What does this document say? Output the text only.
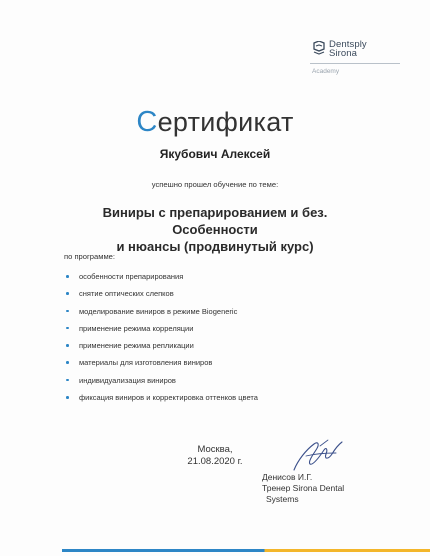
Dentsply
Sirona
Academy
Сертификат
Якубович Алексей
успешно прошел обучение по теме:
Виниры с препарированием и без. Особенности
и нюансы (продвинутый курс)
по программе:
особенности препарирования
снятие оптических слепков
моделирование виниров в режиме Biogeneric
применение режима корреляции
применение режима репликации
материалы для изготовления виниров
индивидуализация виниров
фиксация виниров и корректировка оттенков цвета
Москва,
21.08.2020 г.
Денисов И.Г.
Тренер Sirona Dental
Systems
